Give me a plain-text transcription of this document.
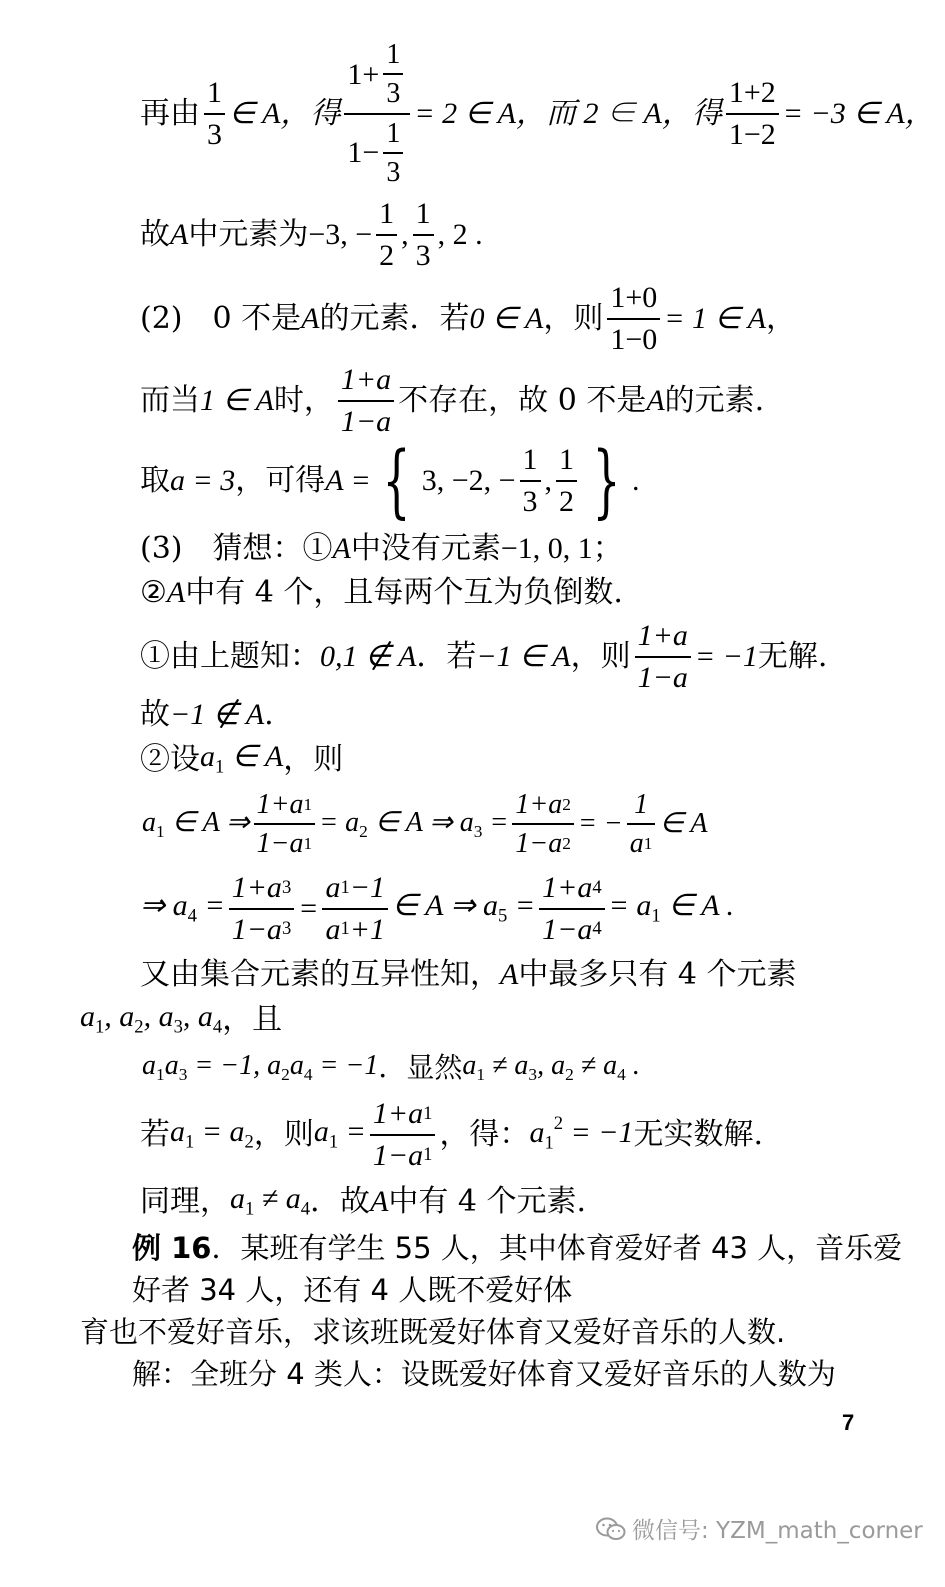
再由 $\frac{1}{3}$ ∈ A，得 $\frac{1+ \frac{1}{3}}{1- \frac{1}{3}} = 2$ ∈ A，而 2 ∈ A，得 $\frac{1+2}{1-2} = -3$ ∈ A，
故 A 中元素为 −3, − $\frac{1}{2}$ , $\frac{1}{3}$ , 2 .
(2)　0 不是 A 的元素．若 0 ∈ A ，则 $\frac{1+0}{1-0} = 1$ ∈ A ，
而当 1 ∈ A 时， $\frac{1+a}{1-a}$ 不存在，故 0 不是 A 的元素.
取 a = 3 ，可得 A = { 3, −2, − $\frac{1}{3}$ , $\frac{1}{2}$ } .
(3)　猜想：① A 中没有元素 −1, 0, 1 ；
② A 中有 4 个，且每两个互为负倒数.
①由上题知： 0,1 ∉ A ．若 −1 ∈ A ，则 $\frac{1+a}{1-a} = -1$ 无解.
故 −1 ∉ A .
②设 $a_1$ ∈ A ，则
$a_1$ ∈ A ⇒ $\frac{1+a 1}{1-a 1} = a_2$ ∈ A ⇒ $a_3 = \frac{1+a 2}{1-a 2}$ = − $\frac{1}{a 1}$ ∈ A
⇒ $a_4 = \frac{1+a 3}{1-a 3} = \frac{a 1 -1}{a 1 +1}$ ∈ A ⇒ $a_5 = \frac{1+a 4}{1-a 4} = a_1$ ∈ A .
又由集合元素的互异性知， A 中最多只有 4 个元素
$a_1$, $a_2$, $a_3$, $a_4$ ，且
$a_1a_3 = -1$, $a_2a_4 = -1$ ．显然 $a_1 \ne a_3$, $a_2 \ne a_4$ .
若 $a_1 = a_2$ ，则 $a_1 = \frac{1+a 1}{1-a 1}$ ，得： $a_1^2 = -1$ 无实数解.
同理， $a_1 \ne a_4$ ．故 A 中有 4 个元素.
例 16 ．某班有学生 55 人，其中体育爱好者 43 人，音乐爱
好者 34 人，还有 4 人既不爱好体
育也不爱好音乐，求该班既爱好体育又爱好音乐的人数.
解：全班分 4 类人：设既爱好体育又爱好音乐的人数为
7
微信号: YZM_math_corner
